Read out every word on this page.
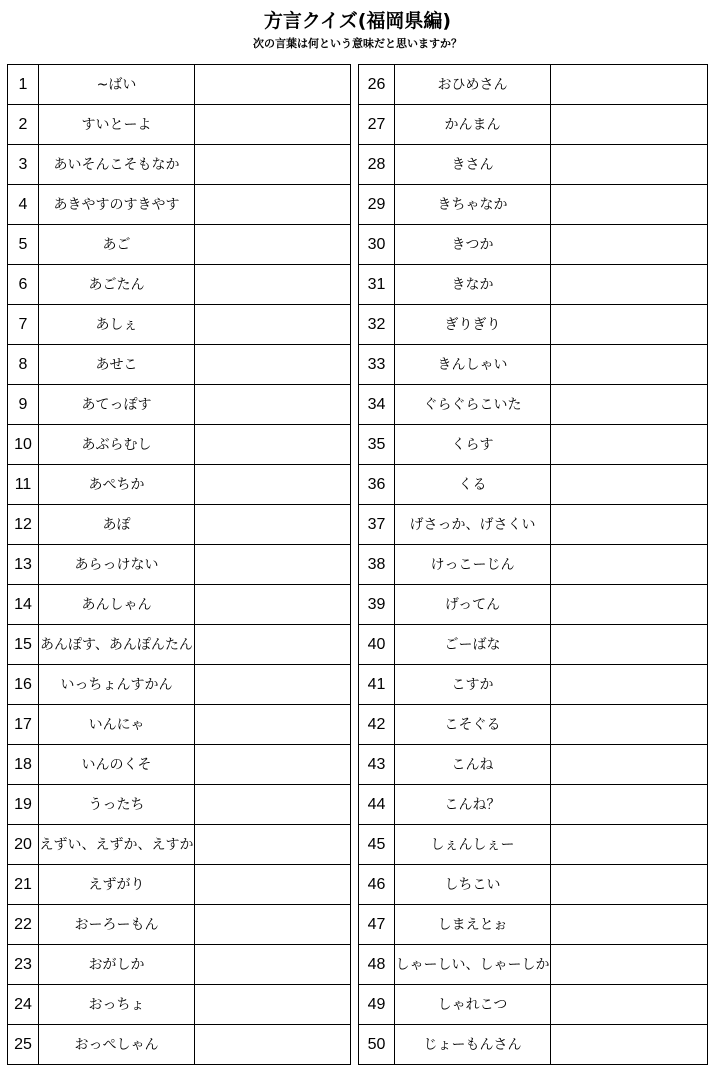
方言クイズ(福岡県編)
次の言葉は何という意味だと思いますか？
1	~ばい	
2	すいとーよ	
3	あいそんこそもなか	
4	あきやすのすきやす	
5	あご	
6	あごたん	
7	あしぇ	
8	あせこ	
9	あてっぽす	
10	あぶらむし	
11	あぺちか	
12	あぽ	
13	あらっけない	
14	あんしゃん	
15	あんぽす、あんぽんたん	
16	いっちょんすかん	
17	いんにゃ	
18	いんのくそ	
19	うったち	
20	えずい、えずか、えすか	
21	えずがり	
22	おーろーもん	
23	おがしか	
24	おっちょ	
25	おっぺしゃん	
26	おひめさん	
27	かんまん	
28	きさん	
29	きちゃなか	
30	きつか	
31	きなか	
32	ぎりぎり	
33	きんしゃい	
34	ぐらぐらこいた	
35	くらす	
36	くる	
37	げさっか、げさくい	
38	けっこーじん	
39	げってん	
40	ごーばな	
41	こすか	
42	こそぐる	
43	こんね	
44	こんね？	
45	しぇんしぇー	
46	しちこい	
47	しまえとぉ	
48	しゃーしい、しゃーしか	
49	しゃれこつ	
50	じょーもんさん	
